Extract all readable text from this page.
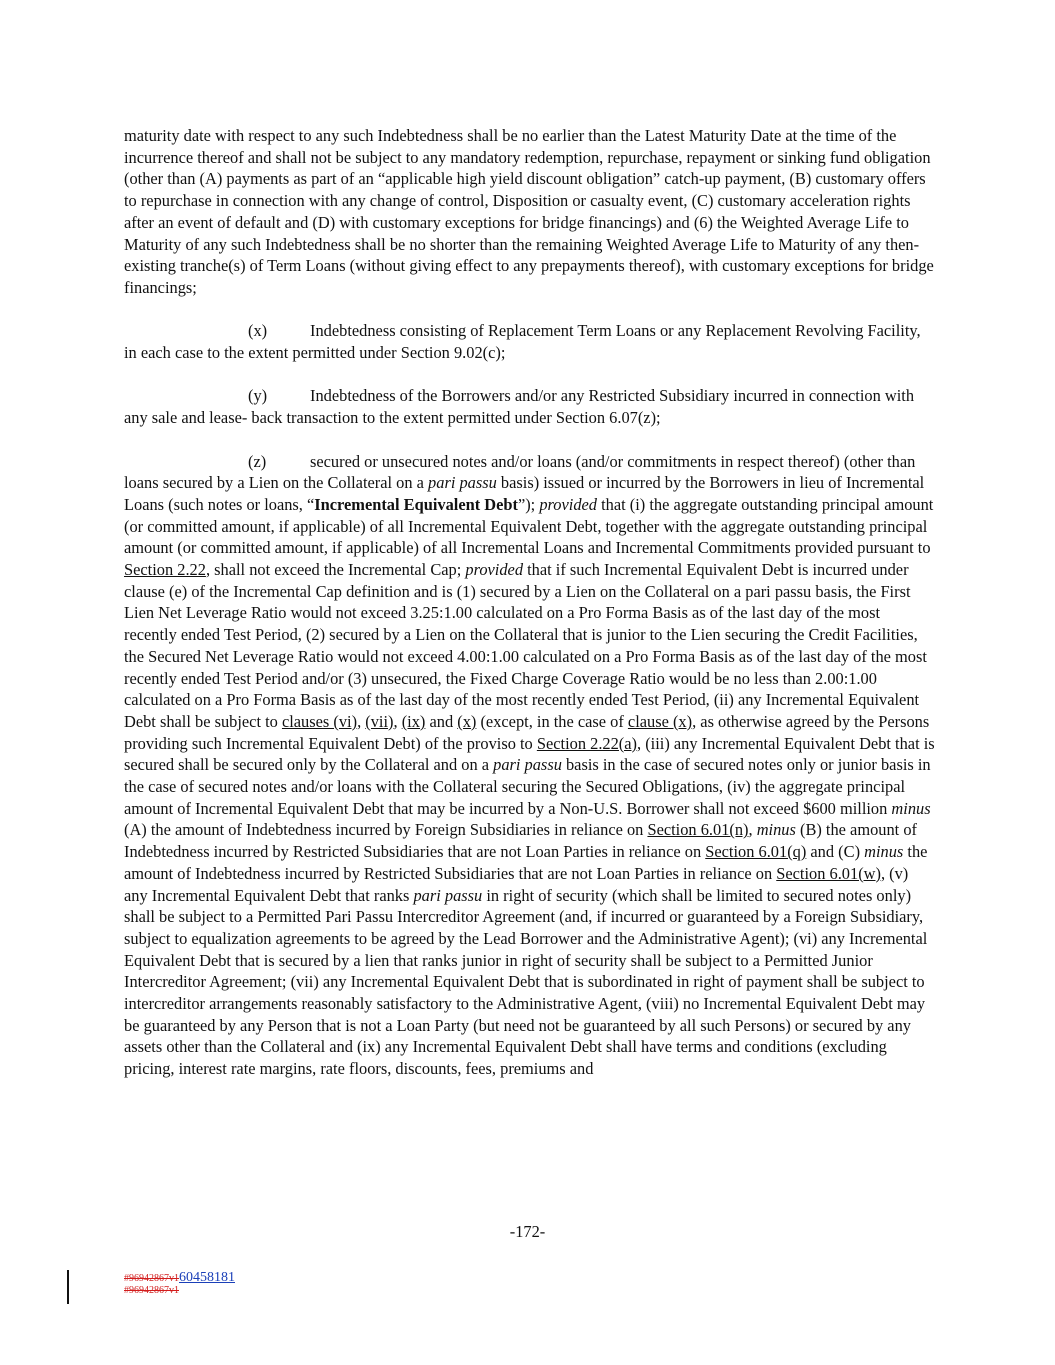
maturity date with respect to any such Indebtedness shall be no earlier than the Latest Maturity Date at the time of the incurrence thereof and shall not be subject to any mandatory redemption, repurchase, repayment or sinking fund obligation (other than (A) payments as part of an “applicable high yield discount obligation” catch-up payment, (B) customary offers to repurchase in connection with any change of control, Disposition or casualty event, (C) customary acceleration rights after an event of default and (D) with customary exceptions for bridge financings) and (6) the Weighted Average Life to Maturity of any such Indebtedness shall be no shorter than the remaining Weighted Average Life to Maturity of any then-existing tranche(s) of Term Loans (without giving effect to any prepayments thereof), with customary exceptions for bridge financings;

(x)	Indebtedness consisting of Replacement Term Loans or any Replacement Revolving Facility, in each case to the extent permitted under Section 9.02(c);

(y)	Indebtedness of the Borrowers and/or any Restricted Subsidiary incurred in connection with any sale and lease- back transaction to the extent permitted under Section 6.07(z);

(z)	secured or unsecured notes and/or loans (and/or commitments in respect thereof) (other than loans secured by a Lien on the Collateral on a pari passu basis) issued or incurred by the Borrowers in lieu of Incremental Loans (such notes or loans, “Incremental Equivalent Debt”); provided that (i) the aggregate outstanding principal amount (or committed amount, if applicable) of all Incremental Equivalent Debt, together with the aggregate outstanding principal amount (or committed amount, if applicable) of all Incremental Loans and Incremental Commitments provided pursuant to Section 2.22, shall not exceed the Incremental Cap; provided that if such Incremental Equivalent Debt is incurred under clause (e) of the Incremental Cap definition and is (1) secured by a Lien on the Collateral on a pari passu basis, the First Lien Net Leverage Ratio would not exceed 3.25:1.00 calculated on a Pro Forma Basis as of the last day of the most recently ended Test Period, (2) secured by a Lien on the Collateral that is junior to the Lien securing the Credit Facilities, the Secured Net Leverage Ratio would not exceed 4.00:1.00 calculated on a Pro Forma Basis as of the last day of the most recently ended Test Period and/or (3) unsecured, the Fixed Charge Coverage Ratio would be no less than 2.00:1.00 calculated on a Pro Forma Basis as of the last day of the most recently ended Test Period, (ii) any Incremental Equivalent Debt shall be subject to clauses (vi), (vii), (ix) and (x) (except, in the case of clause (x), as otherwise agreed by the Persons providing such Incremental Equivalent Debt) of the proviso to Section 2.22(a), (iii) any Incremental Equivalent Debt that is secured shall be secured only by the Collateral and on a pari passu basis in the case of secured notes only or junior basis in the case of secured notes and/or loans with the Collateral securing the Secured Obligations, (iv) the aggregate principal amount of Incremental Equivalent Debt that may be incurred by a Non-U.S. Borrower shall not exceed $600 million minus (A) the amount of Indebtedness incurred by Foreign Subsidiaries in reliance on Section 6.01(n), minus (B) the amount of Indebtedness incurred by Restricted Subsidiaries that are not Loan Parties in reliance on Section 6.01(q) and (C) minus the amount of Indebtedness incurred by Restricted Subsidiaries that are not Loan Parties in reliance on Section 6.01(w), (v) any Incremental Equivalent Debt that ranks pari passu in right of security (which shall be limited to secured notes only) shall be subject to a Permitted Pari Passu Intercreditor Agreement (and, if incurred or guaranteed by a Foreign Subsidiary, subject to equalization agreements to be agreed by the Lead Borrower and the Administrative Agent); (vi) any Incremental Equivalent Debt that is secured by a lien that ranks junior in right of security shall be subject to a Permitted Junior Intercreditor Agreement; (vii) any Incremental Equivalent Debt that is subordinated in right of payment shall be subject to intercreditor arrangements reasonably satisfactory to the Administrative Agent, (viii) no Incremental Equivalent Debt may be guaranteed by any Person that is not a Loan Party (but need not be guaranteed by all such Persons) or secured by any assets other than the Collateral and (ix) any Incremental Equivalent Debt shall have terms and conditions (excluding pricing, interest rate margins, rate floors, discounts, fees, premiums and

-172-
#96942867v160458181
#96942867v1
